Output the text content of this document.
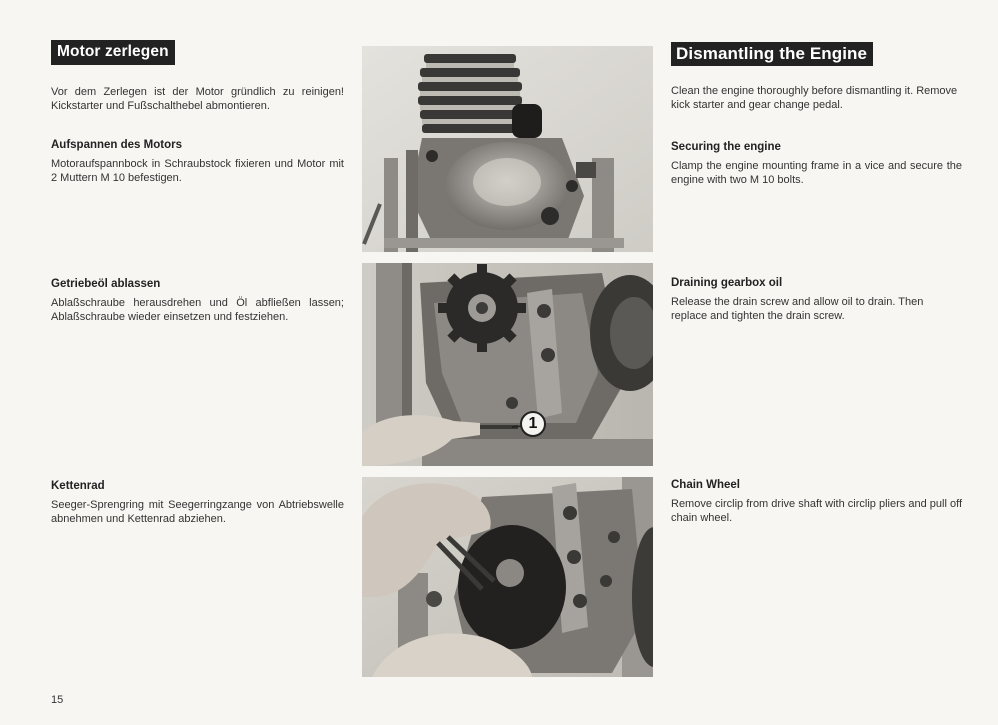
Motor zerlegen

Vor dem Zerlegen ist der Motor gründlich zu reinigen! Kickstarter und Fußschalthebel abmontieren.

Aufspannen des Motors

Motoraufspannbock in Schraubstock fixieren und Motor mit 2 Muttern M 10 befestigen.

Getriebeöl ablassen

Ablaßschraube herausdrehen und Öl abfließen lassen; Ablaßschraube wieder einsetzen und festziehen.

Kettenrad

Seeger-Sprengring mit Seegerringzange von Abtriebswelle abnehmen und Kettenrad abziehen.

Dismantling the Engine

Clean the engine thoroughly before dismantling it. Remove kick starter and gear change pedal.

Securing the engine

Clamp the engine mounting frame in a vice and secure the engine with two M 10 bolts.

Draining gearbox oil

Release the drain screw and allow oil to drain. Then replace and tighten the drain screw.

Chain Wheel

Remove circlip from drive shaft with circlip pliers and pull off chain wheel.

1
15
